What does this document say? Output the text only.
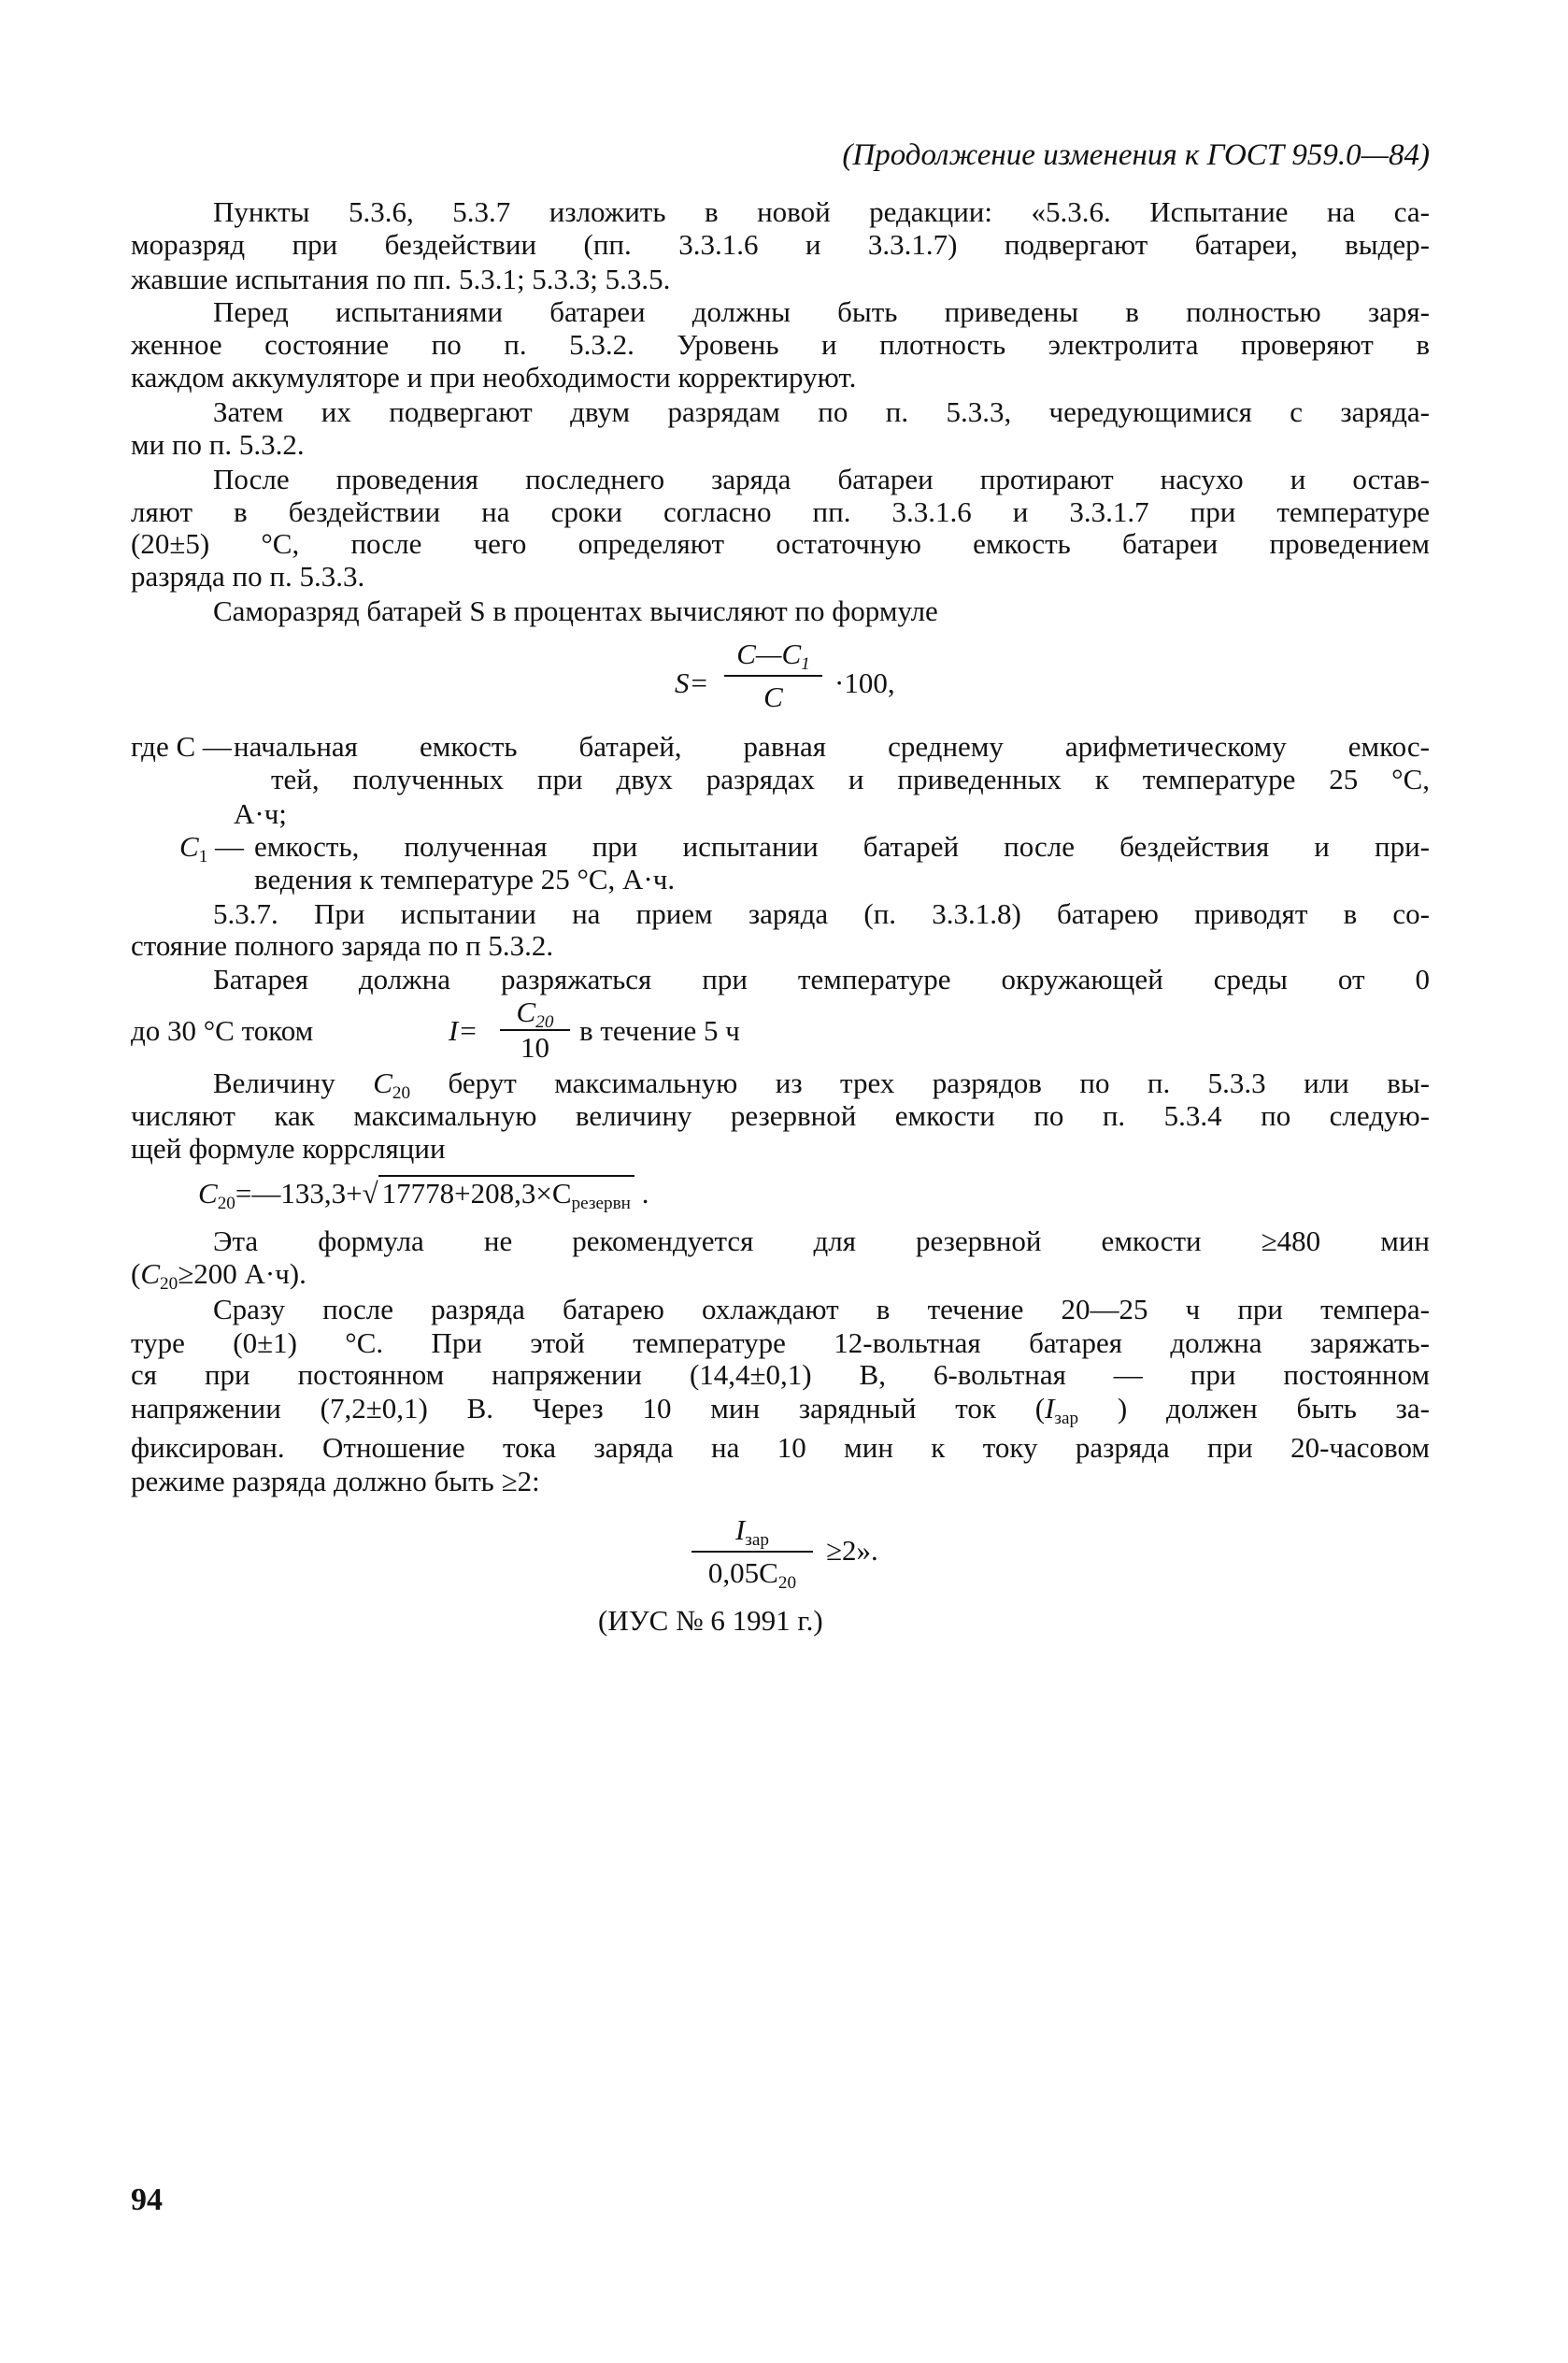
(Продолжение изменения к ГОСТ 959.0—84)
Пункты 5.3.6, 5.3.7 изложить в новой редакции: «5.3.6. Испытание на са-
моразряд при бездействии (пп. 3.3.1.6 и 3.3.1.7) подвергают батареи, выдер-
жавшие испытания по пп. 5.3.1; 5.3.3; 5.3.5.
Перед испытаниями батареи должны быть приведены в полностью заря-
женное состояние по п. 5.3.2. Уровень и плотность электролита проверяют в
каждом аккумуляторе и при необходимости корректируют.
Затем их подвергают двум разрядам по п. 5.3.3, чередующимися с заряда-
ми по п. 5.3.2.
После проведения последнего заряда батареи протирают насухо и остав-
ляют в бездействии на сроки согласно пп. 3.3.1.6 и 3.3.1.7 при температуре
(20±5) °С, после чего определяют остаточную емкость батареи проведением
разряда по п. 5.3.3.
Саморазряд батарей S в процентах вычисляют по формуле
S=
$C—C_1$
C	·100,
где C — начальная емкость батарей, равная среднему арифметическому емкос-
тей, полученных при двух разрядах и приведенных к температуре 25 °С,
А·ч;
$C_1$ — емкость, полученная при испытании батарей после бездействия и при-
ведения к температуре 25 °С, А·ч.
5.3.7. При испытании на прием заряда (п. 3.3.1.8) батарею приводят в со-
стояние полного заряда по п 5.3.2.
Батарея должна разряжаться при температуре окружающей среды от 0
до 30 °С током	I=
$C_{20}$
10
в течение 5 ч
Величину $C_{20}$ берут максимальную из трех разрядов по п. 5.3.3 или вы-
числяют как максимальную величину резервной емкости по п. 5.3.4 по следую-
щей формуле коррсляции
$C_{20}=—133,3+√$ $17778+208,3\times C_{резервн}$ .
Эта формула не рекомендуется для резервной емкости ≥480 мин
($C_{20}\ge 200$ А·ч).
Сразу после разряда батарею охлаждают в течение 20—25 ч при темпера-
туре (0±1) °С. При этой температуре 12-вольтная батарея должна заряжать-
ся при постоянном напряжении (14,4±0,1) В, 6-вольтная — при постоянном
напряжении (7,2±0,1) В. Через 10 мин зарядный ток ($I_{зар}$ ) должен быть за-
фиксирован. Отношение тока заряда на 10 мин к току разряда при 20-часовом
режиме разряда должно быть ≥2:
$I_{зар}$
$0,05C_{20}$
≥2».
(ИУС № 6 1991 г.)
94
